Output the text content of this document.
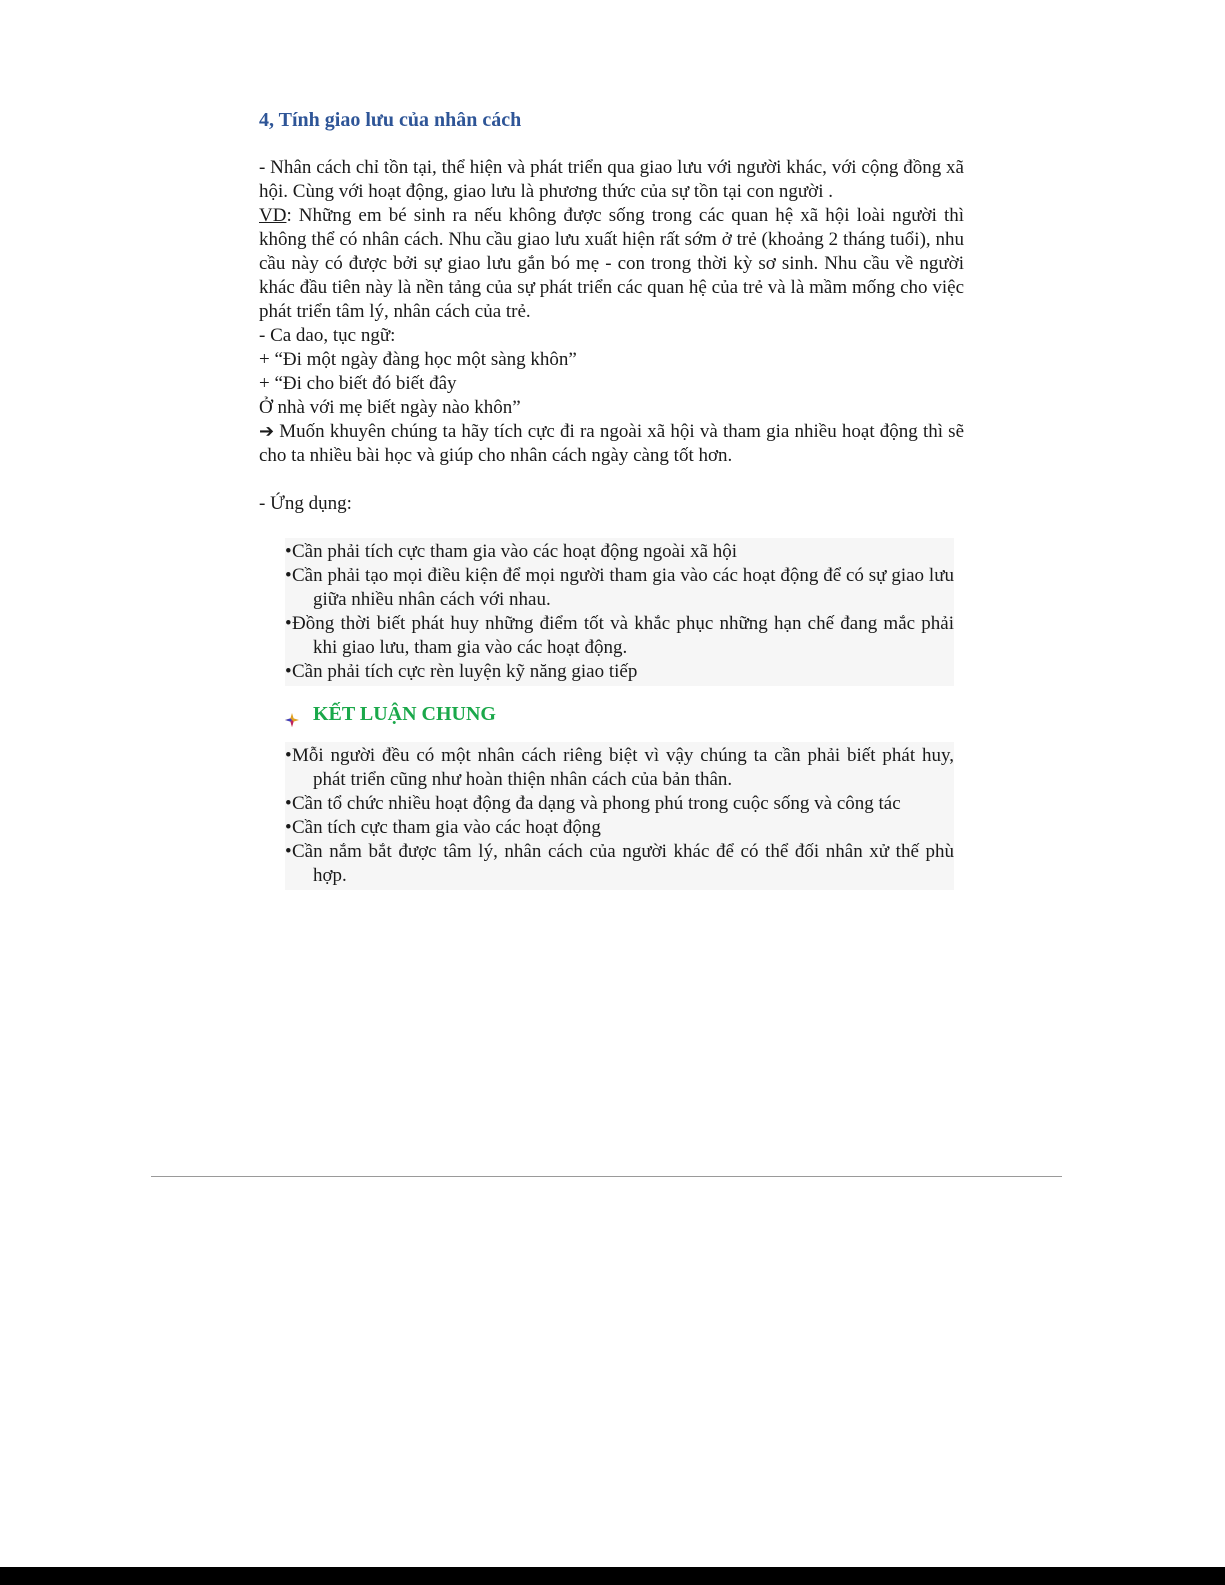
4, Tính giao lưu của nhân cách

- Nhân cách chỉ tồn tại, thể hiện và phát triển qua giao lưu với người khác, với cộng đồng xã hội. Cùng với hoạt động, giao lưu là phương thức của sự tồn tại con người .

VD: Những em bé sinh ra nếu không được sống trong các quan hệ xã hội loài người thì không thể có nhân cách. Nhu cầu giao lưu xuất hiện rất sớm ở trẻ (khoảng 2 tháng tuổi), nhu cầu này có được bởi sự giao lưu gắn bó mẹ - con trong thời kỳ sơ sinh. Nhu cầu về người khác đầu tiên này là nền tảng của sự phát triển các quan hệ của trẻ và là mầm mống cho việc phát triển tâm lý, nhân cách của trẻ.

- Ca dao, tục ngữ:

+ “Đi một ngày đàng học một sàng khôn”

+ “Đi cho biết đó biết đây

Ở nhà với mẹ biết ngày nào khôn”

➔ Muốn khuyên chúng ta hãy tích cực đi ra ngoài xã hội và tham gia nhiều hoạt động thì sẽ cho ta nhiều bài học và giúp cho nhân cách ngày càng tốt hơn.

- Ứng dụng:

•Cần phải tích cực tham gia vào các hoạt động ngoài xã hội

•Cần phải tạo mọi điều kiện để mọi người tham gia vào các hoạt động để có sự giao lưu giữa nhiều nhân cách với nhau.

•Đồng thời biết phát huy những điểm tốt và khắc phục những hạn chế đang mắc phải khi giao lưu, tham gia vào các hoạt động.

•Cần phải tích cực rèn luyện kỹ năng giao tiếp

KẾT LUẬN CHUNG

•Mỗi người đều có một nhân cách riêng biệt vì vậy chúng ta cần phải biết phát huy, phát triển cũng như hoàn thiện nhân cách của bản thân.

•Cần tổ chức nhiều hoạt động đa dạng và phong phú trong cuộc sống và công tác

•Cần tích cực tham gia vào các hoạt động

•Cần nắm bắt được tâm lý, nhân cách của người khác để có thể đối nhân xử thế phù hợp.
